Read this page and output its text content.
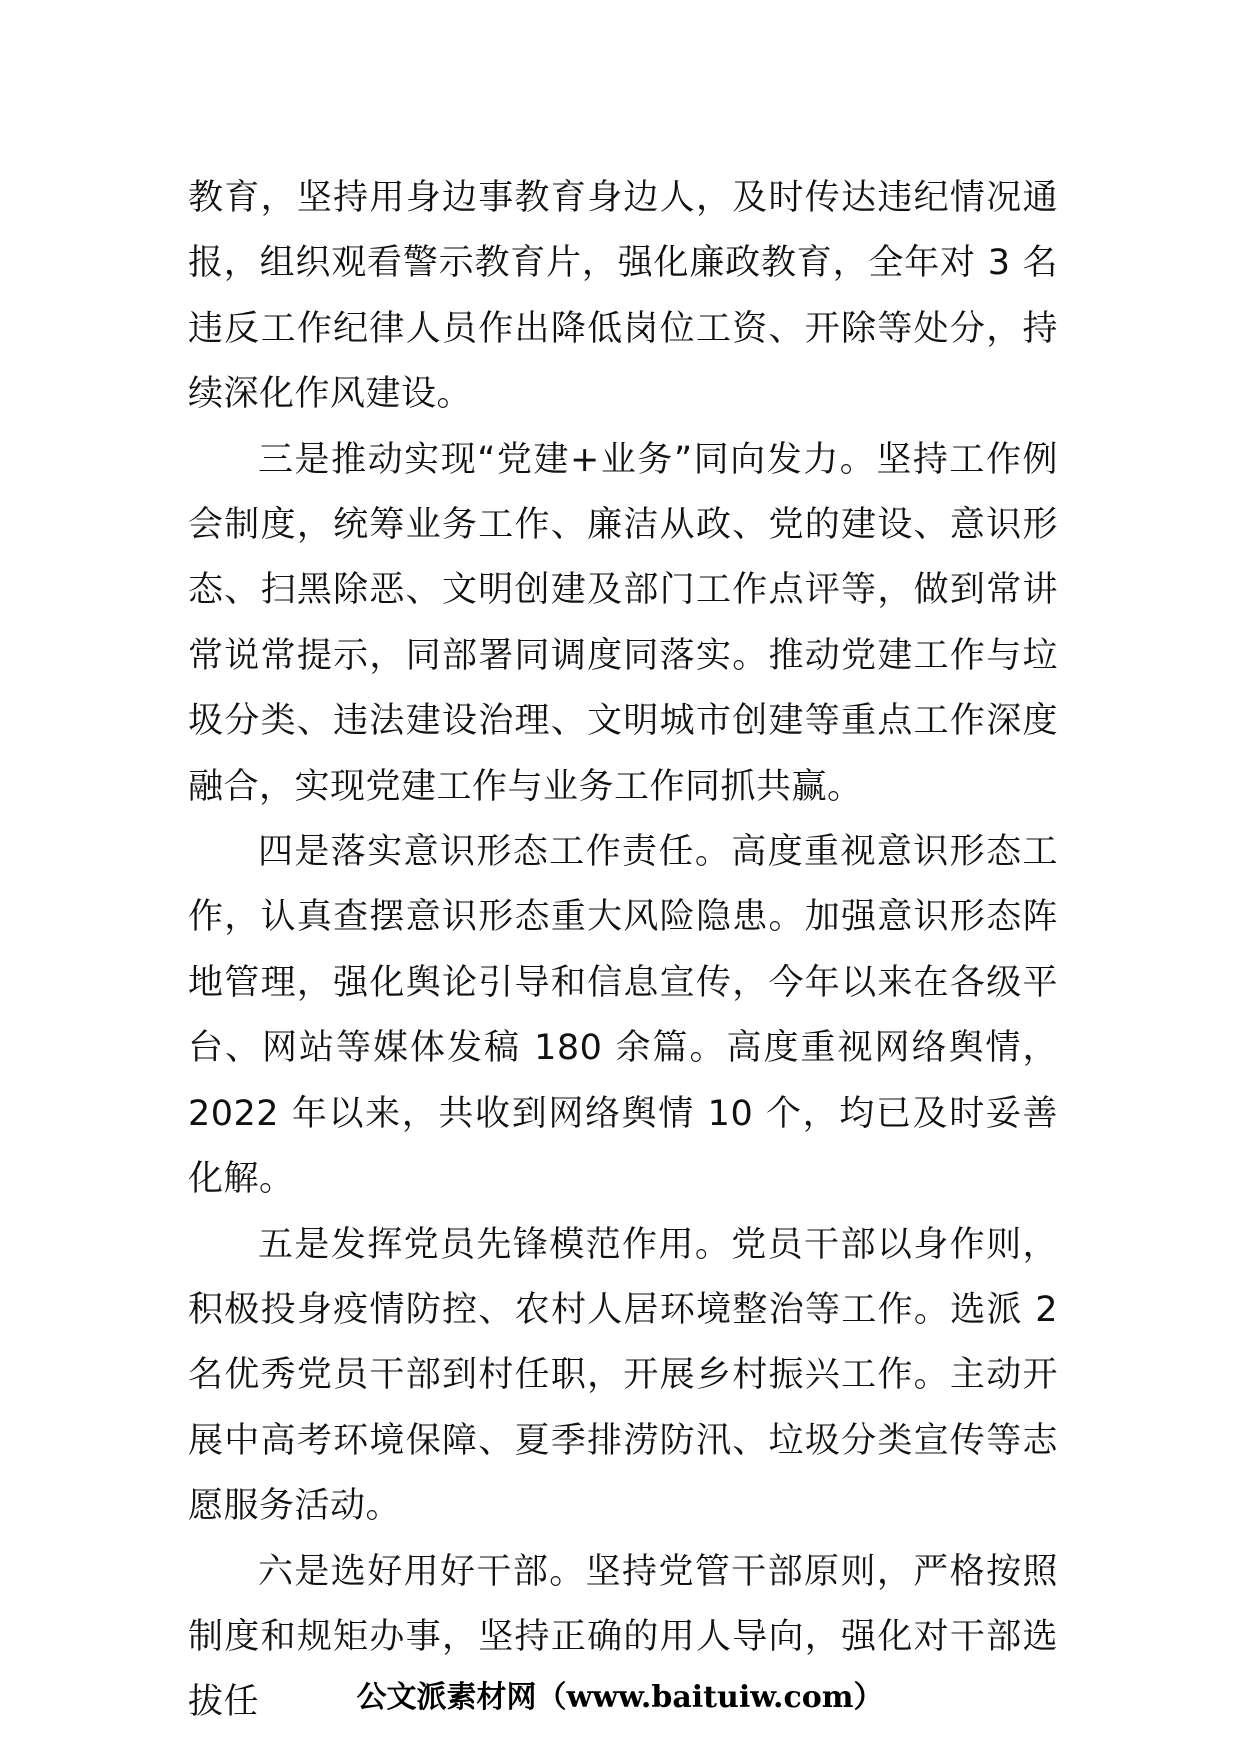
教育，坚持用身边事教育身边人，及时传达违纪情况通报，组织观看警示教育片，强化廉政教育，全年对 3 名违反工作纪律人员作出降低岗位工资、开除等处分，持续深化作风建设。

三是推动实现“党建+业务”同向发力。坚持工作例会制度，统筹业务工作、廉洁从政、党的建设、意识形态、扫黑除恶、文明创建及部门工作点评等，做到常讲常说常提示，同部署同调度同落实。推动党建工作与垃圾分类、违法建设治理、文明城市创建等重点工作深度融合，实现党建工作与业务工作同抓共赢。

四是落实意识形态工作责任。高度重视意识形态工作，认真查摆意识形态重大风险隐患。加强意识形态阵地管理，强化舆论引导和信息宣传，今年以来在各级平台、网站等媒体发稿 180 余篇。高度重视网络舆情，2022 年以来，共收到网络舆情 10 个，均已及时妥善化解。

五是发挥党员先锋模范作用。党员干部以身作则，积极投身疫情防控、农村人居环境整治等工作。选派 2 名优秀党员干部到村任职，开展乡村振兴工作。主动开展中高考环境保障、夏季排涝防汛、垃圾分类宣传等志愿服务活动。

六是选好用好干部。坚持党管干部原则，严格按照制度和规矩办事，坚持正确的用人导向，强化对干部选拔任	公文派素材网（www.baituiw.com）
